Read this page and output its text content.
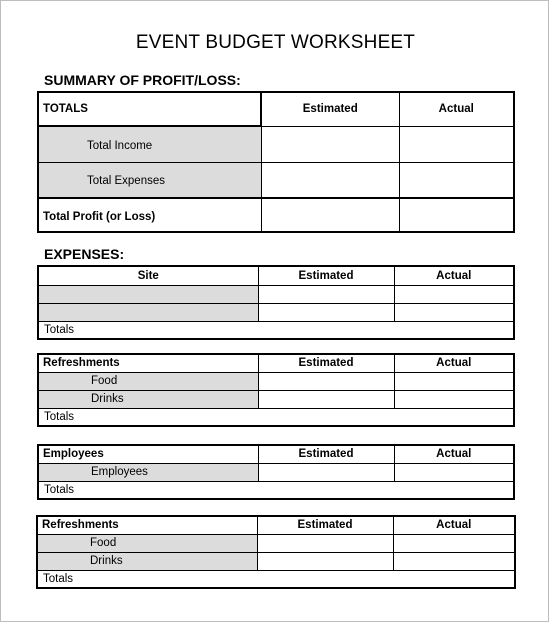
EVENT BUDGET WORKSHEET
SUMMARY OF PROFIT/LOSS:
TOTALS	Estimated	Actual
Total Income		
Total Expenses		
Total Profit (or Loss)		
EXPENSES:
Site	Estimated	Actual

Totals		
Refreshments	Estimated	Actual
Food		
Drinks		
Totals		
Employees	Estimated	Actual
Employees		
Totals		
Refreshments	Estimated	Actual
Food		
Drinks		
Totals		
